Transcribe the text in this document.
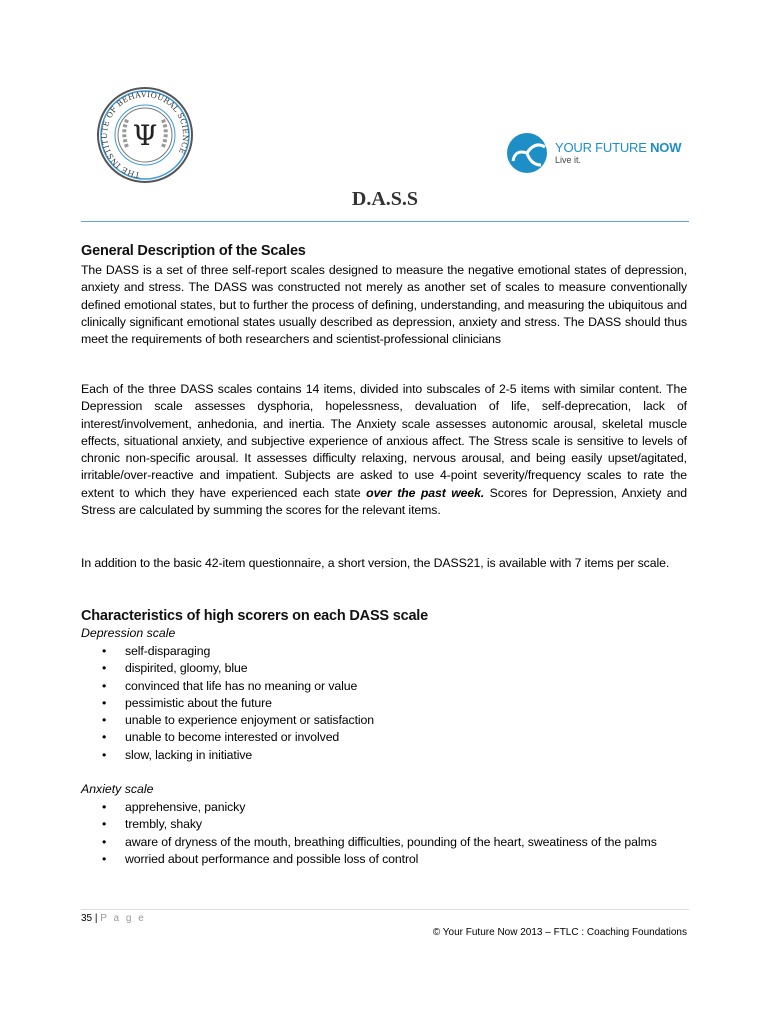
THE INSTITUTE OF BEHAVIOURAL SCIENCE
Ψ	YOUR FUTURE NOW
Live it.
D.A.S.S
General Description of the Scales
The DASS is a set of three self-report scales designed to measure the negative emotional states of depression, anxiety and stress. The DASS was constructed not merely as another set of scales to measure conventionally defined emotional states, but to further the process of defining, understanding, and measuring the ubiquitous and clinically significant emotional states usually described as depression, anxiety and stress. The DASS should thus meet the requirements of both researchers and scientist-professional clinicians
Each of the three DASS scales contains 14 items, divided into subscales of 2-5 items with similar content. The Depression scale assesses dysphoria, hopelessness, devaluation of life, self-deprecation, lack of interest/involvement, anhedonia, and inertia. The Anxiety scale assesses autonomic arousal, skeletal muscle effects, situational anxiety, and subjective experience of anxious affect. The Stress scale is sensitive to levels of chronic non-specific arousal. It assesses difficulty relaxing, nervous arousal, and being easily upset/agitated, irritable/over-reactive and impatient. Subjects are asked to use 4-point severity/frequency scales to rate the extent to which they have experienced each state over the past week. Scores for Depression, Anxiety and Stress are calculated by summing the scores for the relevant items.
In addition to the basic 42-item questionnaire, a short version, the DASS21, is available with 7 items per scale.
Characteristics of high scorers on each DASS scale
Depression scale
• self-disparaging
• dispirited, gloomy, blue
• convinced that life has no meaning or value
• pessimistic about the future
• unable to experience enjoyment or satisfaction
• unable to become interested or involved
• slow, lacking in initiative
Anxiety scale
• apprehensive, panicky
• trembly, shaky
• aware of dryness of the mouth, breathing difficulties, pounding of the heart, sweatiness of the palms
• worried about performance and possible loss of control
35 | P a g e
© Your Future Now 2013 – FTLC : Coaching Foundations
